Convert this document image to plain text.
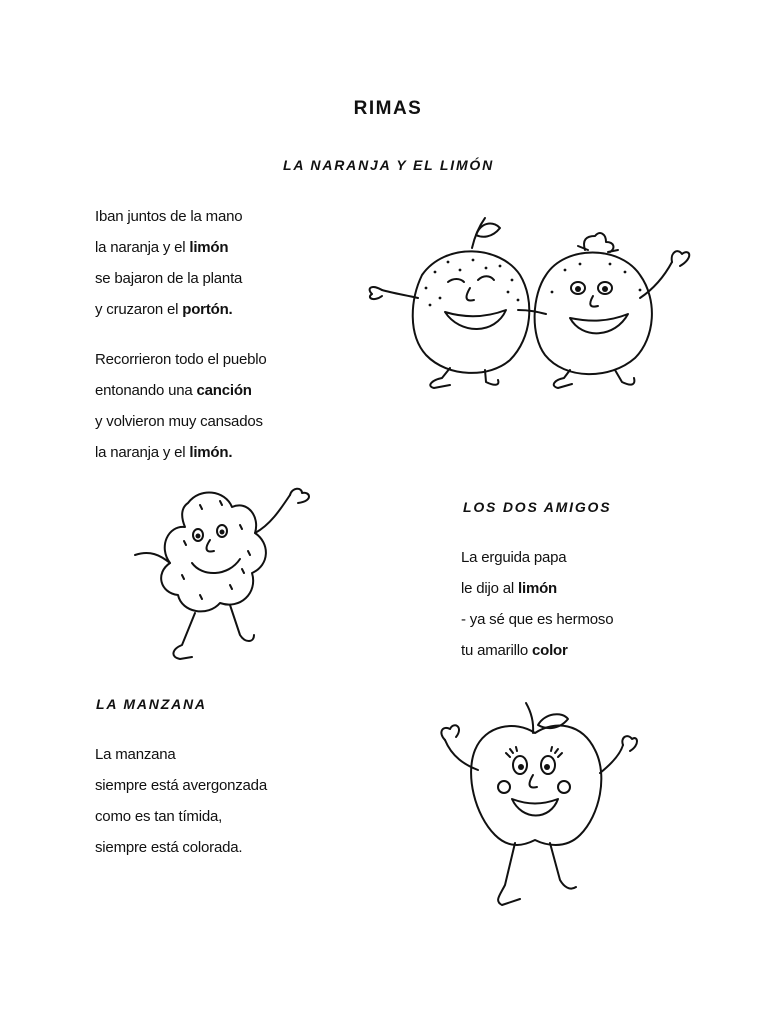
RIMAS
LA NARANJA Y EL LIMÓN
Iban juntos de la mano
la naranja y el limón
se bajaron de la planta
y cruzaron el portón.
Recorrieron todo el pueblo
entonando una canción
y volvieron muy cansados
la naranja y el limón.
LOS DOS AMIGOS
La erguida papa
le dijo al limón
- ya sé que es hermoso
tu amarillo color
LA MANZANA
La manzana
siempre está avergonzada
como es tan tímida,
siempre está colorada.
